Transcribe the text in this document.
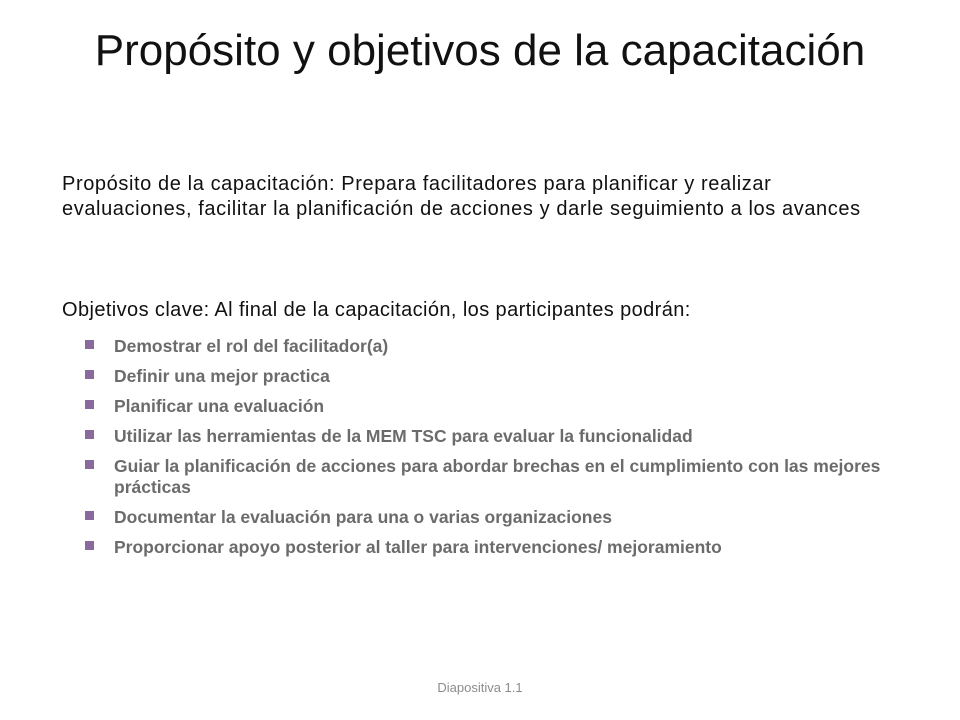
Propósito y objetivos de la capacitación

Propósito de la capacitación: Prepara facilitadores para planificar y realizar evaluaciones, facilitar la planificación de acciones y darle seguimiento a los avances

Objetivos clave: Al final de la capacitación, los participantes podrán:

Demostrar el rol del facilitador(a)
Definir una mejor practica
Planificar una evaluación
Utilizar las herramientas de la MEM TSC para evaluar la funcionalidad
Guiar la planificación de acciones para abordar brechas en el cumplimiento con las mejores prácticas
Documentar la evaluación para una o varias organizaciones
Proporcionar apoyo posterior al taller para intervenciones/ mejoramiento
Diapositiva 1.1
